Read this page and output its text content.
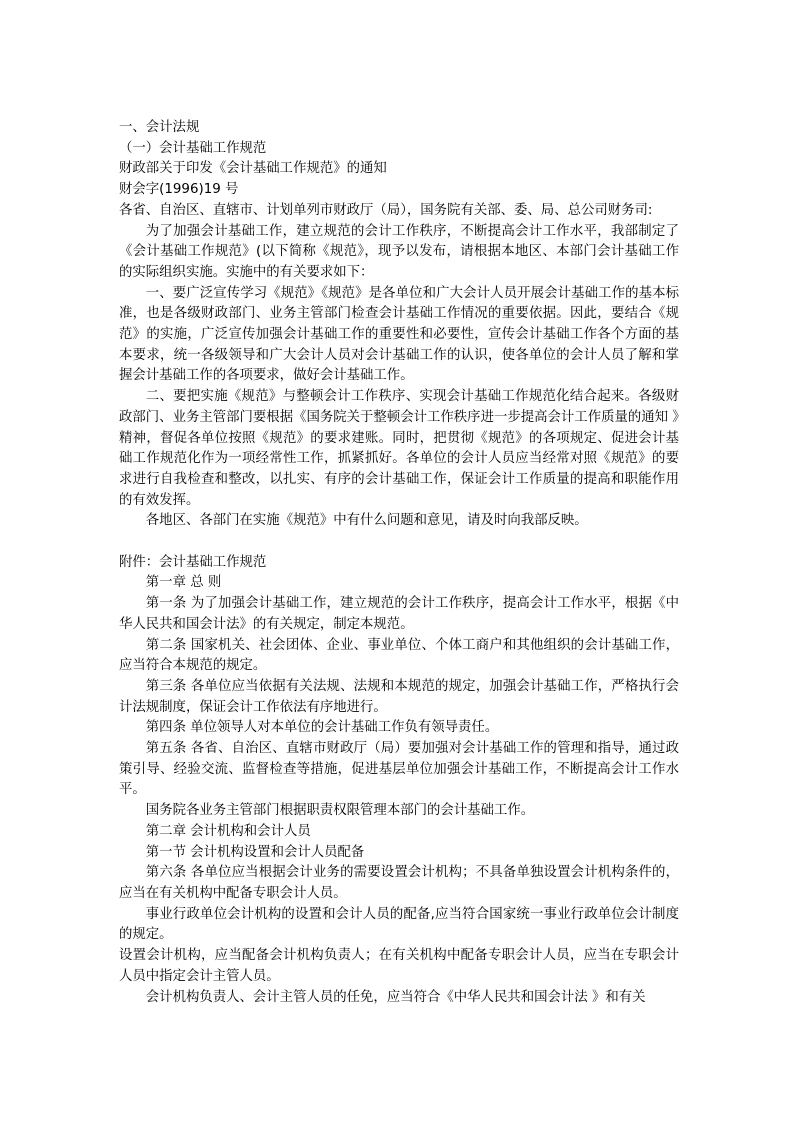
一、会计法规
（一）会计基础工作规范
财政部关于印发《会计基础工作规范》的通知
财会字(1996)19 号
各省、自治区、直辖市、计划单列市财政厅（局），国务院有关部、委、局、总公司财务司:
为了加强会计基础工作，建立规范的会计工作秩序，不断提高会计工作水平，我部制定了《会计基础工作规范》(以下简称《规范》，现予以发布，请根据本地区、本部门会计基础工作的实际组织实施。实施中的有关要求如下：
一、要广泛宣传学习《规范》《规范》是各单位和广大会计人员开展会计基础工作的基本标准，也是各级财政部门、业务主管部门检查会计基础工作情况的重要依据。因此，要结合《规范》的实施，广泛宣传加强会计基础工作的重要性和必要性，宣传会计基础工作各个方面的基本要求，统一各级领导和广大会计人员对会计基础工作的认识，使各单位的会计人员了解和掌握会计基础工作的各项要求，做好会计基础工作。
二、要把实施《规范》与整顿会计工作秩序、实现会计基础工作规范化结合起来。各级财政部门、业务主管部门要根据《国务院关于整顿会计工作秩序进一步提高会计工作质量的通知 》精神，督促各单位按照《规范》的要求建账。同时，把贯彻《规范》的各项规定、促进会计基础工作规范化作为一项经常性工作，抓紧抓好。各单位的会计人员应当经常对照《规范》的要求进行自我检查和整改，以扎实、有序的会计基础工作，保证会计工作质量的提高和职能作用的有效发挥。
各地区、各部门在实施《规范》中有什么问题和意见，请及时向我部反映。
附件：会计基础工作规范
第一章 总 则
第一条 为了加强会计基础工作，建立规范的会计工作秩序，提高会计工作水平，根据《中华人民共和国会计法》的有关规定，制定本规范。
第二条 国家机关、社会团体、企业、事业单位、个体工商户和其他组织的会计基础工作，应当符合本规范的规定。
第三条 各单位应当依据有关法规、法规和本规范的规定，加强会计基础工作，严格执行会计法规制度，保证会计工作依法有序地进行。
第四条 单位领导人对本单位的会计基础工作负有领导责任。
第五条 各省、自治区、直辖市财政厅（局）要加强对会计基础工作的管理和指导，通过政策引导、经验交流、监督检查等措施，促进基层单位加强会计基础工作，不断提高会计工作水平。
国务院各业务主管部门根据职责权限管理本部门的会计基础工作。
第二章 会计机构和会计人员
第一节 会计机构设置和会计人员配备
第六条 各单位应当根据会计业务的需要设置会计机构；不具备单独设置会计机构条件的，应当在有关机构中配备专职会计人员。
事业行政单位会计机构的设置和会计人员的配备,应当符合国家统一事业行政单位会计制度的规定。
设置会计机构，应当配备会计机构负责人；在有关机构中配备专职会计人员，应当在专职会计人员中指定会计主管人员。
会计机构负责人、会计主管人员的任免，应当符合《中华人民共和国会计法 》和有关
